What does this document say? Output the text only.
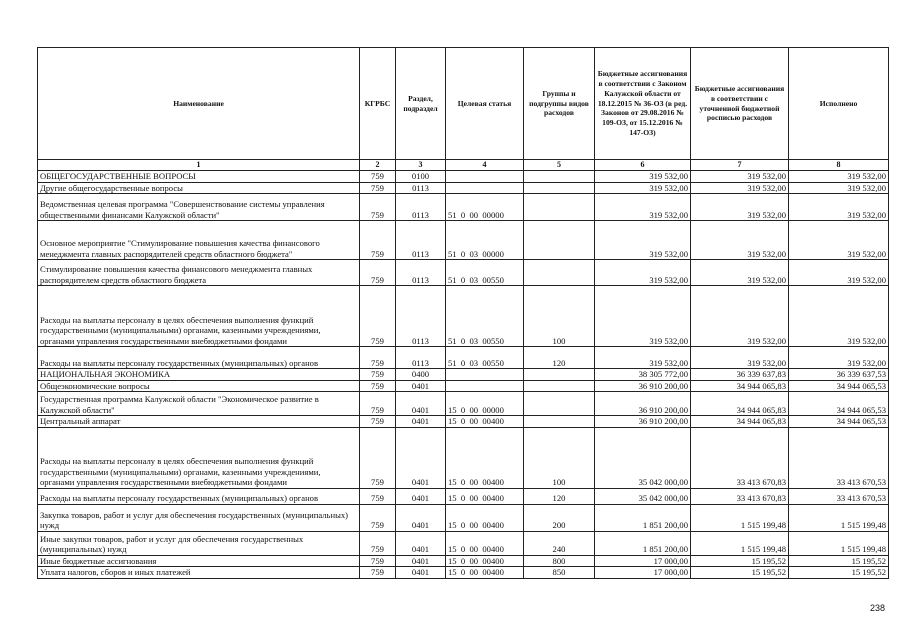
Наименование	КГРБС	Раздел, подраздел	Целевая статья	Группы и подгруппы видов расходов	Бюджетные ассигнования в соответствии с Законом Калужской области от 18.12.2015 № 36-ОЗ (в ред. Законов от 29.08.2016 № 109-ОЗ, от 15.12.2016 № 147-ОЗ)	Бюджетные ассигнования в соответствии с уточненной бюджетной росписью расходов	Исполнено
1	2	3	4	5	6	7	8
ОБЩЕГОСУДАРСТВЕННЫЕ ВОПРОСЫ	759	0100			319 532,00	319 532,00	319 532,00
Другие общегосударственные вопросы	759	0113			319 532,00	319 532,00	319 532,00
Ведомственная целевая программа "Совершенствование системы управления общественными финансами Калужской области"	759	0113	51  0  00  00000		319 532,00	319 532,00	319 532,00
Основное мероприятие "Стимулирование повышения качества финансового менеджмента главных распорядителей средств областного бюджета"	759	0113	51  0  03  00000		319 532,00	319 532,00	319 532,00
Стимулирование повышения качества финансового менеджмента главных распорядителем средств областного бюджета	759	0113	51  0  03  00550		319 532,00	319 532,00	319 532,00
Расходы на выплаты персоналу в целях обеспечения выполнения функций государственными (муниципальными) органами, казенными учреждениями, органами управления государственными внебюджетными фондами	759	0113	51  0  03  00550	100	319 532,00	319 532,00	319 532,00
Расходы на выплаты персоналу государственных (муниципальных) органов	759	0113	51  0  03  00550	120	319 532,00	319 532,00	319 532,00
НАЦИОНАЛЬНАЯ ЭКОНОМИКА	759	0400			38 305 772,00	36 339 637,83	36 339 637,53
Общеэкономические вопросы	759	0401			36 910 200,00	34 944 065,83	34 944 065,53
Государственная программа Калужской области "Экономическое развитие в Калужской области"	759	0401	15  0  00  00000		36 910 200,00	34 944 065,83	34 944 065,53
Центральный аппарат	759	0401	15  0  00  00400		36 910 200,00	34 944 065,83	34 944 065,53
Расходы на выплаты персоналу в целях обеспечения выполнения функций государственными (муниципальными) органами, казенными учреждениями, органами управления государственными внебюджетными фондами	759	0401	15  0  00  00400	100	35 042 000,00	33 413 670,83	33 413 670,53
Расходы на выплаты персоналу государственных (муниципальных) органов	759	0401	15  0  00  00400	120	35 042 000,00	33 413 670,83	33 413 670,53
Закупка товаров, работ и услуг для обеспечения государственных (муниципальных) нужд	759	0401	15  0  00  00400	200	1 851 200,00	1 515 199,48	1 515 199,48
Иные закупки товаров, работ и услуг для обеспечения государственных (муниципальных) нужд	759	0401	15  0  00  00400	240	1 851 200,00	1 515 199,48	1 515 199,48
Иные бюджетные ассигнования	759	0401	15  0  00  00400	800	17 000,00	15 195,52	15 195,52
Уплата налогов, сборов и иных платежей	759	0401	15  0  00  00400	850	17 000,00	15 195,52	15 195,52
238
